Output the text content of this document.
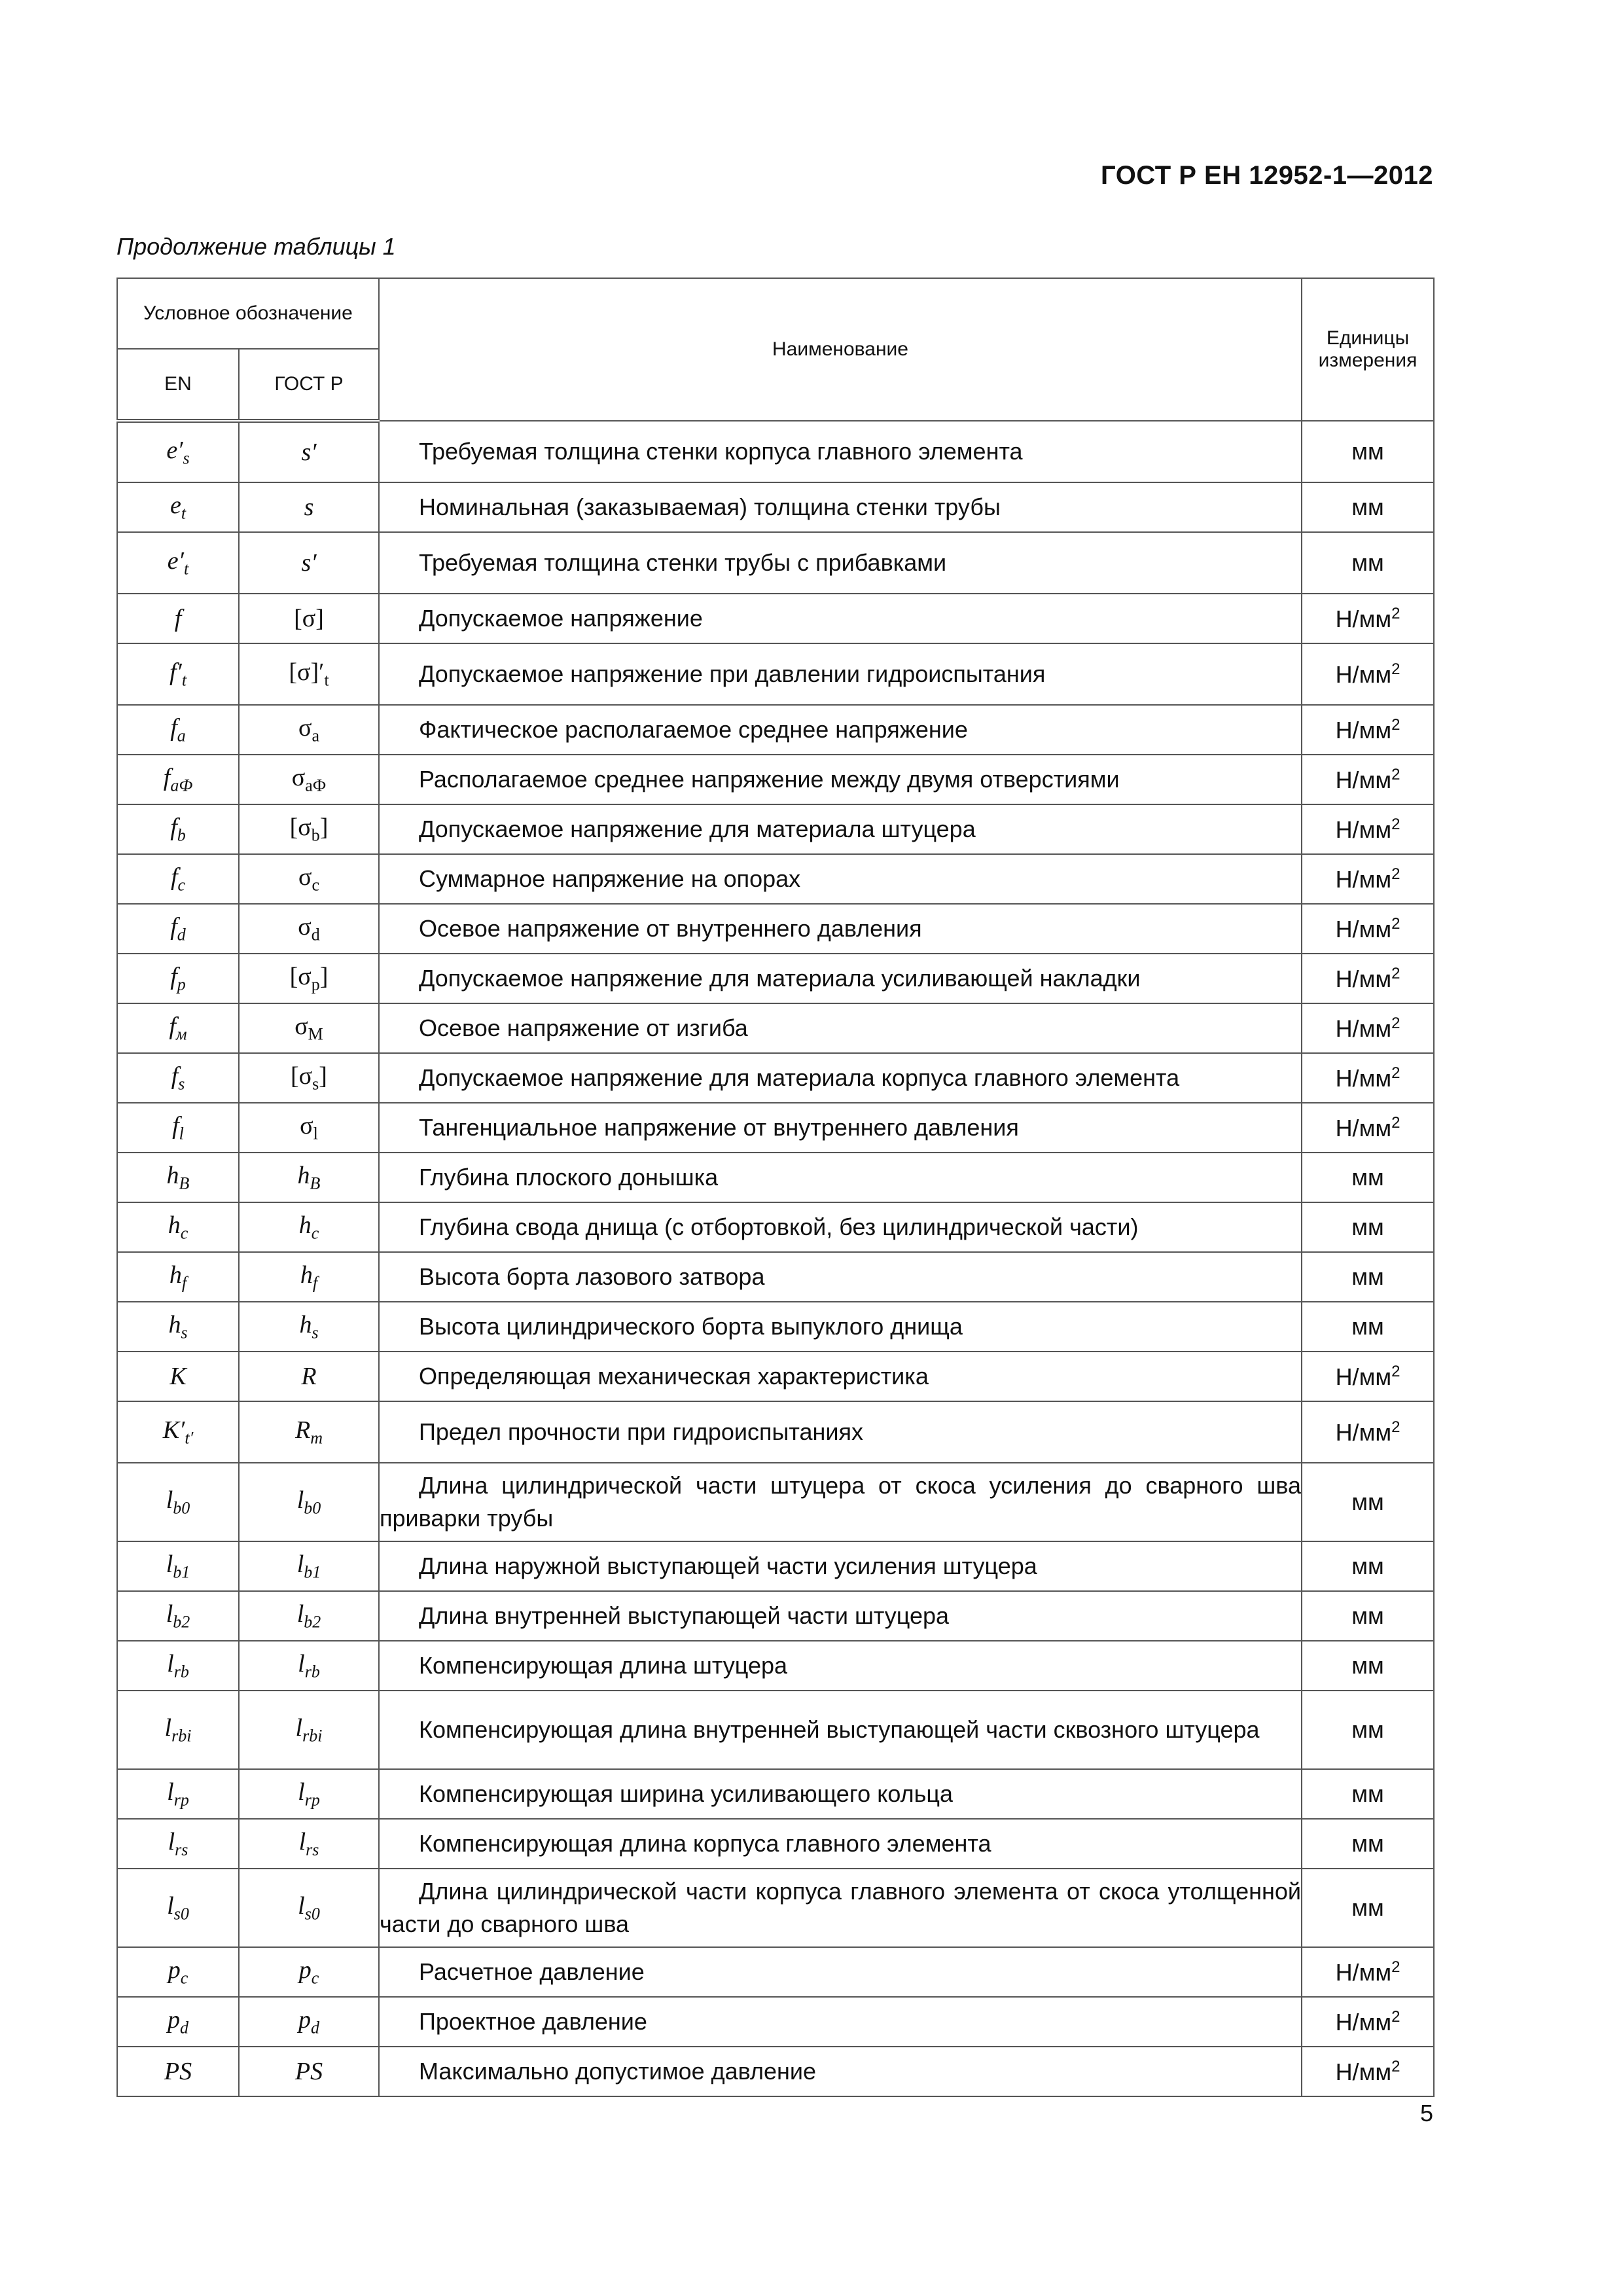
ГОСТ Р ЕН 12952-1—2012
Продолжение таблицы 1
Условное обозначение		Наименование	Единицы измерения
EN	ГОСТ Р		
$e'_s$	s′	Требуемая толщина стенки корпуса главного элемента	мм
$e_t$	s	Номинальная (заказываемая) толщина стенки трубы	мм
$e'_t$	s′	Требуемая толщина стенки трубы с прибавками	мм
f	[σ]	Допускаемое напряжение	$Н/мм^2$
$f'_t$	$[\sigma]'_t$	Допускаемое напряжение при давлении гидроиспытания	$Н/мм^2$
$f_a$	$\sigma_a$	Фактическое располагаемое среднее напряжение	$Н/мм^2$
$f_{aФ}$	$\sigma_{aФ}$	Располагаемое среднее напряжение между двумя отверстиями	$Н/мм^2$
$f_b$	$[\sigma_b]$	Допускаемое напряжение для материала штуцера	$Н/мм^2$
$f_c$	$\sigma_c$	Суммарное напряжение на опорах	$Н/мм^2$
$f_d$	$\sigma_d$	Осевое напряжение от внутреннего давления	$Н/мм^2$
$f_p$	$[\sigma_p]$	Допускаемое напряжение для материала усиливающей накладки	$Н/мм^2$
$f_м$	$\sigma_M$	Осевое напряжение от изгиба	$Н/мм^2$
$f_s$	$[\sigma_s]$	Допускаемое напряжение для материала корпуса главного элемента	$Н/мм^2$
$f_l$	$\sigma_l$	Тангенциальное напряжение от внутреннего давления	$Н/мм^2$
$h_B$	$h_B$	Глубина плоского донышка	мм
$h_c$	$h_c$	Глубина свода днища (с отбортовкой, без цилиндрической части)	мм
$h_f$	$h_f$	Высота борта лазового затвора	мм
$h_s$	$h_s$	Высота цилиндрического борта выпуклого днища	мм
K	R	Определяющая механическая характеристика	$Н/мм^2$
$K'_{t'}$	$R_m$	Предел прочности при гидроиспытаниях	$Н/мм^2$
$l_{b0}$	$l_{b0}$	Длина цилиндрической части штуцера от скоса усиления до сварного шва приварки трубы	мм
$l_{b1}$	$l_{b1}$	Длина наружной выступающей части усиления штуцера	мм
$l_{b2}$	$l_{b2}$	Длина внутренней выступающей части штуцера	мм
$l_{rb}$	$l_{rb}$	Компенсирующая длина штуцера	мм
$l_{rbi}$	$l_{rbi}$	Компенсирующая длина внутренней выступающей части сквозного штуцера	мм
$l_{rp}$	$l_{rp}$	Компенсирующая ширина усиливающего кольца	мм
$l_{rs}$	$l_{rs}$	Компенсирующая длина корпуса главного элемента	мм
$l_{s0}$	$l_{s0}$	Длина цилиндрической части корпуса главного элемента от скоса утолщенной части до сварного шва	мм
$p_c$	$p_c$	Расчетное давление	$Н/мм^2$
$p_d$	$p_d$	Проектное давление	$Н/мм^2$
PS	PS	Максимально допустимое давление	$Н/мм^2$
5
